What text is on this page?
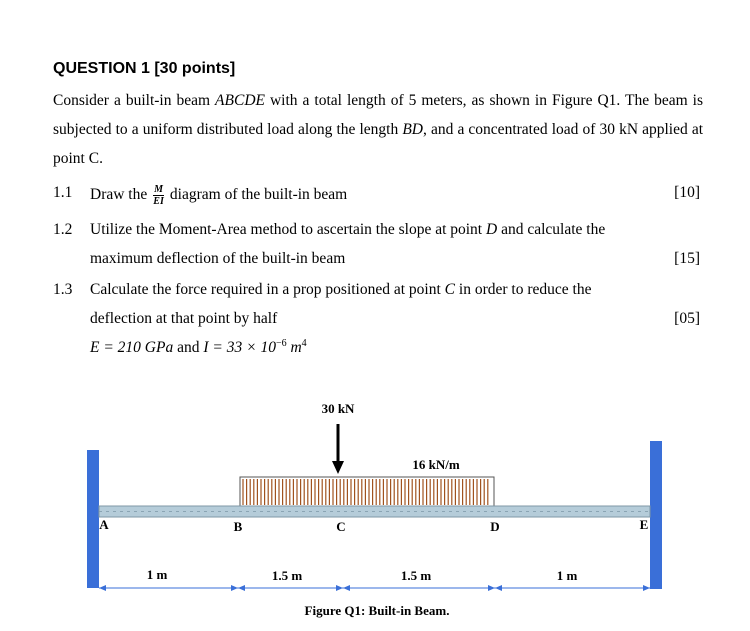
QUESTION 1 [30 points]
Consider a built-in beam ABCDE with a total length of 5 meters, as shown in Figure Q1. The beam is subjected to a uniform distributed load along the length BD, and a concentrated load of 30 kN applied at point C.
1.1 Draw the $\frac{M}{EI}$ diagram of the built-in beam	[10]
1.2 Utilize the Moment-Area method to ascertain the slope at point D and calculate the
maximum deflection of the built-in beam	[15]
1.3 Calculate the force required in a prop positioned at point C in order to reduce the
deflection at that point by half	[05]
E = 210 GPa and $I = 33 \times 10^{-6}$ $m^4$
30 kN
16 kN/m
A	B	C	D	E
1 m	1.5 m	1.5 m	1 m
Figure Q1: Built-in Beam.
